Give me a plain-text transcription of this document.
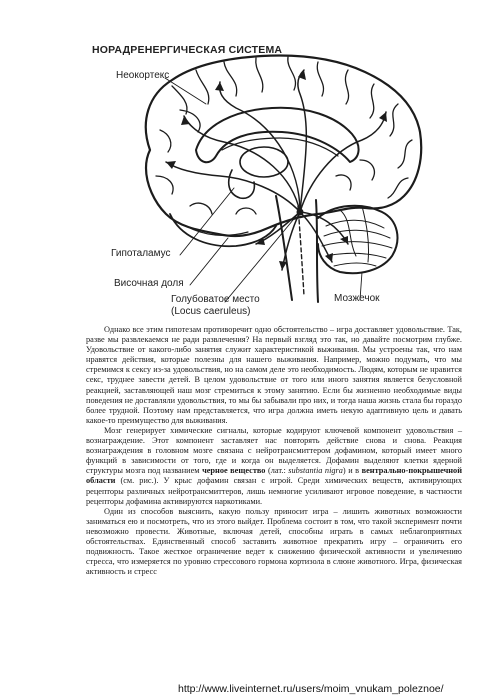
НОРАДРЕНЕРГИЧЕСКАЯ СИСТЕМА
Неокортекс
Гипоталамус
Височная доля
Голубоватое место
(Locus caeruleus)
Мозжечок

Однако все этим гипотезам противоречит одно обстоятельство – игра доставляет удовольствие. Так, разве мы развлекаемся не ради развлечения? На первый взгляд это так, но давайте посмотрим глубже. Удовольствие от какого-либо занятия служит характеристикой выживания. Мы устроены так, что нам нравятся действия, которые полезны для нашего выживания. Например, можно подумать, что мы стремимся к сексу из-за удовольствия, но на самом деле это необходимость. Людям, которым не нравится секс, труднее завести детей. В целом удовольствие от того или иного занятия является безусловной реакцией, заставляющей наш мозг стремиться к этому занятию. Если бы жизненно необходимые виды поведения не доставляли удовольствия, то мы бы забывали про них, и тогда наша жизнь стала бы гораздо более трудной. Поэтому нам представляется, что игра должна иметь некую адаптивную цель и давать какое-то преимущество для выживания.

Мозг генерирует химические сигналы, которые кодируют ключевой компонент удовольствия – вознаграждение. Этот компонент заставляет нас повторять действие снова и снова. Реакция вознаграждения в головном мозге связана с нейротрансмиттером дофамином, который имеет много функций в зависимости от того, где и когда он выделяется. Дофамин выделяют клетки ядерной структуры мозга под названием черное вещество (лат.: substantia nigra) и в вентрально-покрышечной области (см. рис.). У крыс дофамин связан с игрой. Среди химических веществ, активирующих рецепторы различных нейротрансмиттеров, лишь немногие усиливают игровое поведение, в частности рецепторы дофамина активируются наркотиками.

Один из способов выяснить, какую пользу приносит игра – лишить животных возможности заниматься ею и посмотреть, что из этого выйдет. Проблема состоит в том, что такой эксперимент почти невозможно провести. Животные, включая детей, способны играть в самых неблагоприятных обстоятельствах. Единственный способ заставить животное прекратить игру – ограничить его подвижность. Такое жесткое ограничение ведет к снижению физической активности и увеличению стресса, что измеряется по уровню стрессового гормона кортизола в слюне животного. Игра, физическая активность и стресс

http://www.liveinternet.ru/users/moim_vnukam_poleznoe/
